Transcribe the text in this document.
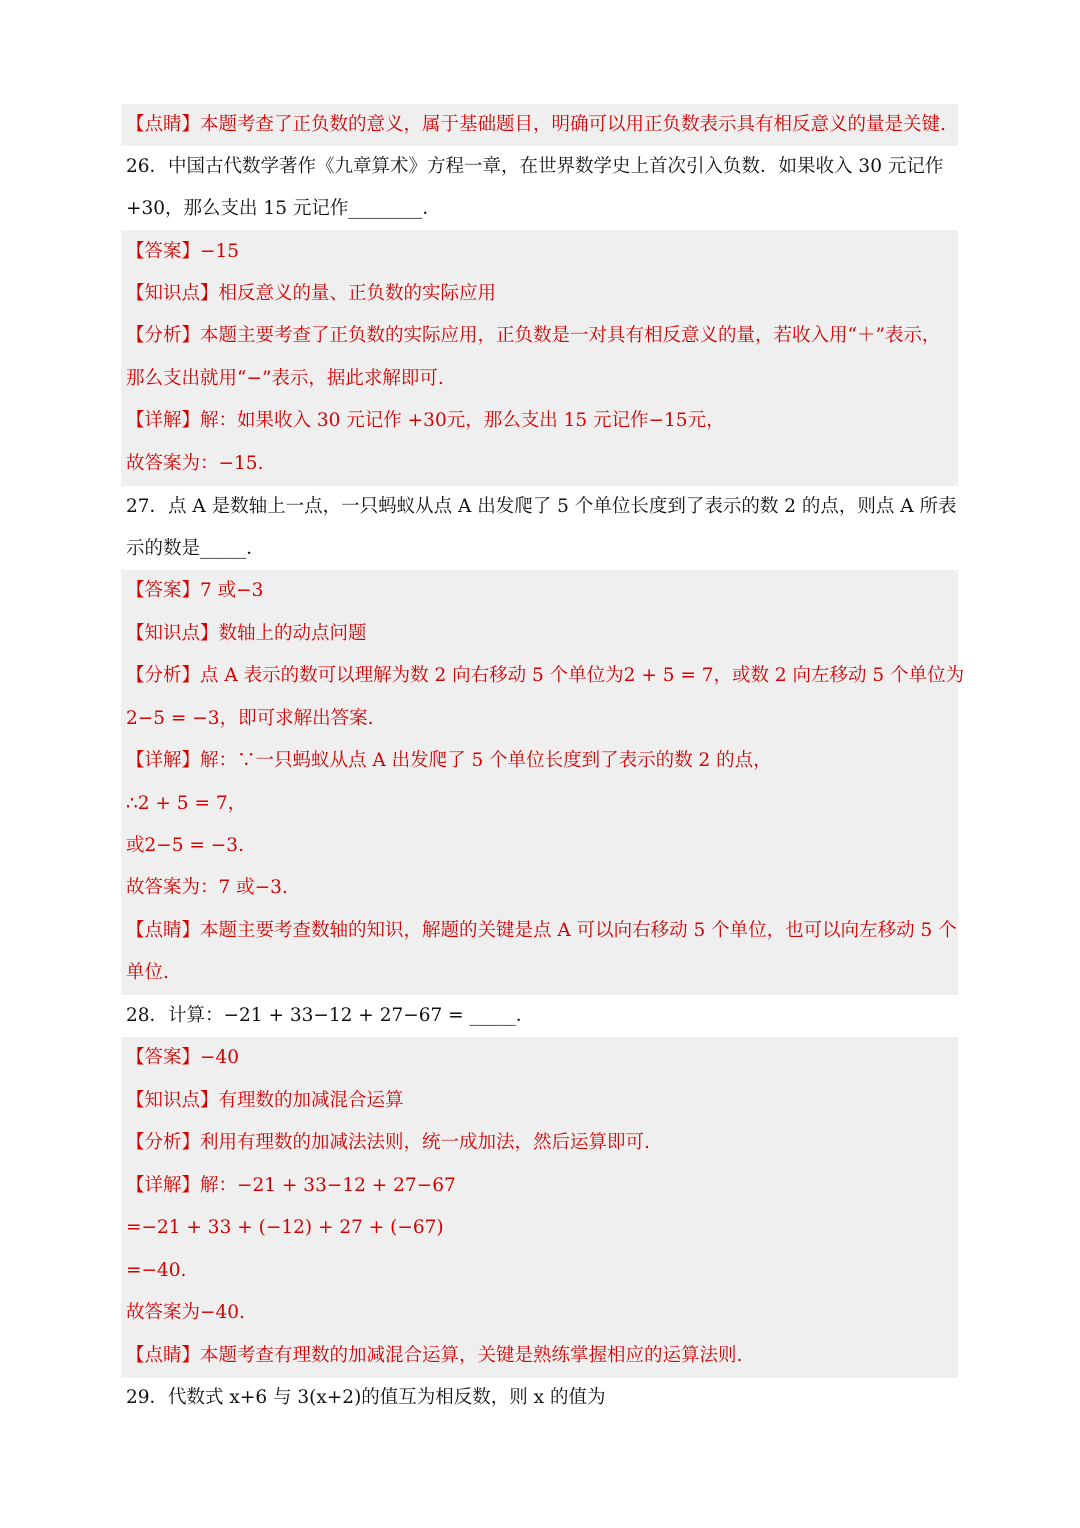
【点睛】本题考查了正负数的意义，属于基础题目，明确可以用正负数表示具有相反意义的量是关键.
26．中国古代数学著作《九章算术》方程一章，在世界数学史上首次引入负数．如果收入 30 元记作
+30，那么支出 15 元记作________．
【答案】−15
【知识点】相反意义的量、正负数的实际应用
【分析】本题主要考查了正负数的实际应用，正负数是一对具有相反意义的量，若收入用“＋”表示，
那么支出就用“−”表示，据此求解即可.
【详解】解：如果收入 30 元记作 +30元，那么支出 15 元记作−15元，
故答案为：−15.
27．点 A 是数轴上一点，一只蚂蚁从点 A 出发爬了 5 个单位长度到了表示的数 2 的点，则点 A 所表
示的数是_____．
【答案】7 或−3
【知识点】数轴上的动点问题
【分析】点 A 表示的数可以理解为数 2 向右移动 5 个单位为2 + 5 = 7，或数 2 向左移动 5 个单位为
2−5 = −3，即可求解出答案.
【详解】解：∵一只蚂蚁从点 A 出发爬了 5 个单位长度到了表示的数 2 的点，
∴2 + 5 = 7，
或2−5 = −3.
故答案为：7 或−3.
【点睛】本题主要考查数轴的知识，解题的关键是点 A 可以向右移动 5 个单位，也可以向左移动 5 个
单位.
28．计算：−21 + 33−12 + 27−67 = _____．
【答案】−40
【知识点】有理数的加减混合运算
【分析】利用有理数的加减法法则，统一成加法，然后运算即可.
【详解】解：−21 + 33−12 + 27−67
=−21 + 33 + (−12) + 27 + (−67)
=−40.
故答案为−40.
【点睛】本题考查有理数的加减混合运算，关键是熟练掌握相应的运算法则.
29．代数式 x+6 与 3(x+2)的值互为相反数，则 x 的值为
